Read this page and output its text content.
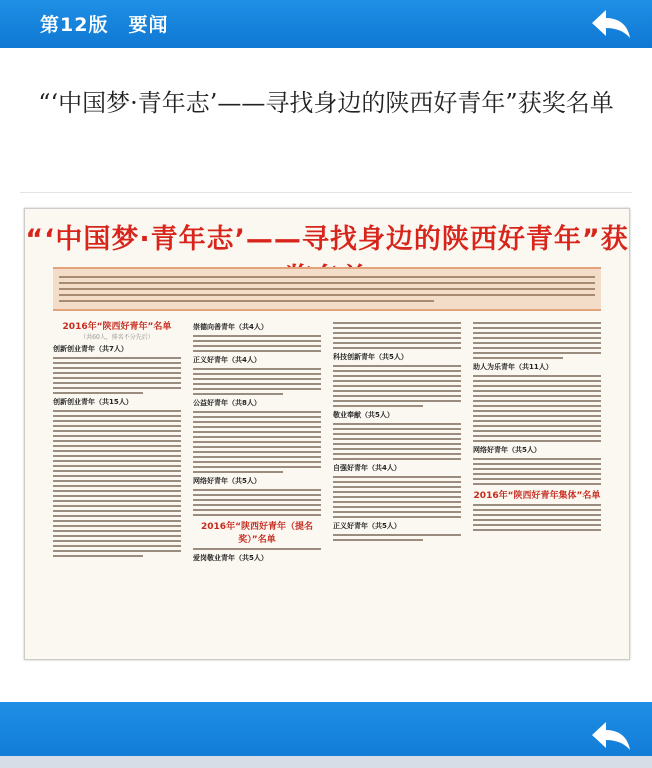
第12版　要闻
“‘中国梦·青年志’——寻找身边的陕西好青年”获奖名单
“‘中国梦·青年志’——寻找身边的陕西好青年”获
2016年“陕西好青年”名单
（共60人，排名不分先后）
创新创业青年（共7人）
创新创业青年（共15人）
崇德向善青年（共4人）
正义好青年（共4人）
公益好青年（共8人）
网络好青年（共5人）
2016年“陕西好青年（提名奖）”名单
爱岗敬业青年（共5人）
科技创新青年（共5人）
敬业奉献（共5人）
自强好青年（共4人）
正义好青年（共5人）
助人为乐青年（共11人）
网络好青年（共5人）
2016年“陕西好青年集体”名单
